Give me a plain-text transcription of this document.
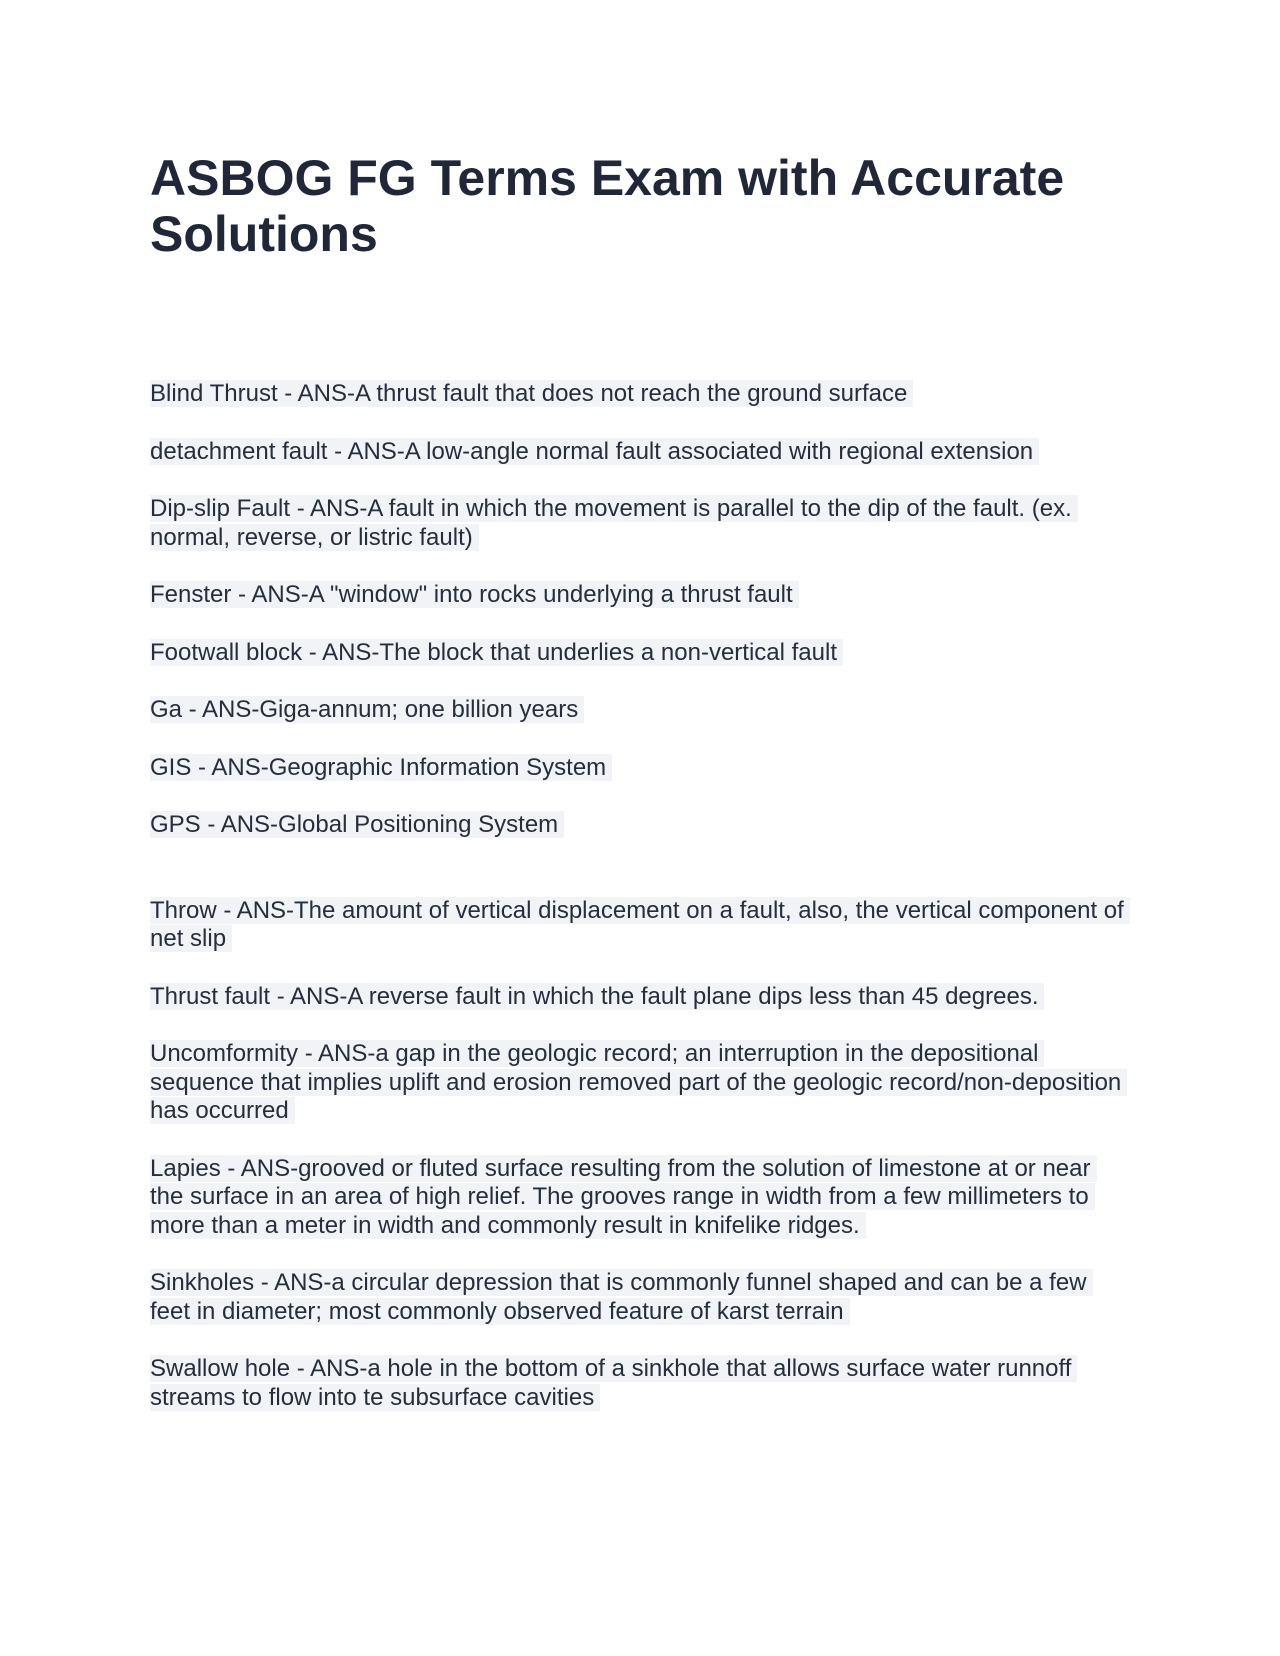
ASBOG FG Terms Exam with Accurate Solutions

Blind Thrust - ANS-A thrust fault that does not reach the ground surface

detachment fault - ANS-A low-angle normal fault associated with regional extension

Dip-slip Fault - ANS-A fault in which the movement is parallel to the dip of the fault. (ex. normal, reverse, or listric fault)

Fenster - ANS-A "window" into rocks underlying a thrust fault

Footwall block - ANS-The block that underlies a non-vertical fault

Ga - ANS-Giga-annum; one billion years

GIS - ANS-Geographic Information System

GPS - ANS-Global Positioning System

Throw - ANS-The amount of vertical displacement on a fault, also, the vertical component of net slip

Thrust fault - ANS-A reverse fault in which the fault plane dips less than 45 degrees.

Uncomformity - ANS-a gap in the geologic record; an interruption in the depositional sequence that implies uplift and erosion removed part of the geologic record/non-deposition has occurred

Lapies - ANS-grooved or fluted surface resulting from the solution of limestone at or near the surface in an area of high relief. The grooves range in width from a few millimeters to more than a meter in width and commonly result in knifelike ridges.

Sinkholes - ANS-a circular depression that is commonly funnel shaped and can be a few feet in diameter; most commonly observed feature of karst terrain

Swallow hole - ANS-a hole in the bottom of a sinkhole that allows surface water runnoff streams to flow into te subsurface cavities
